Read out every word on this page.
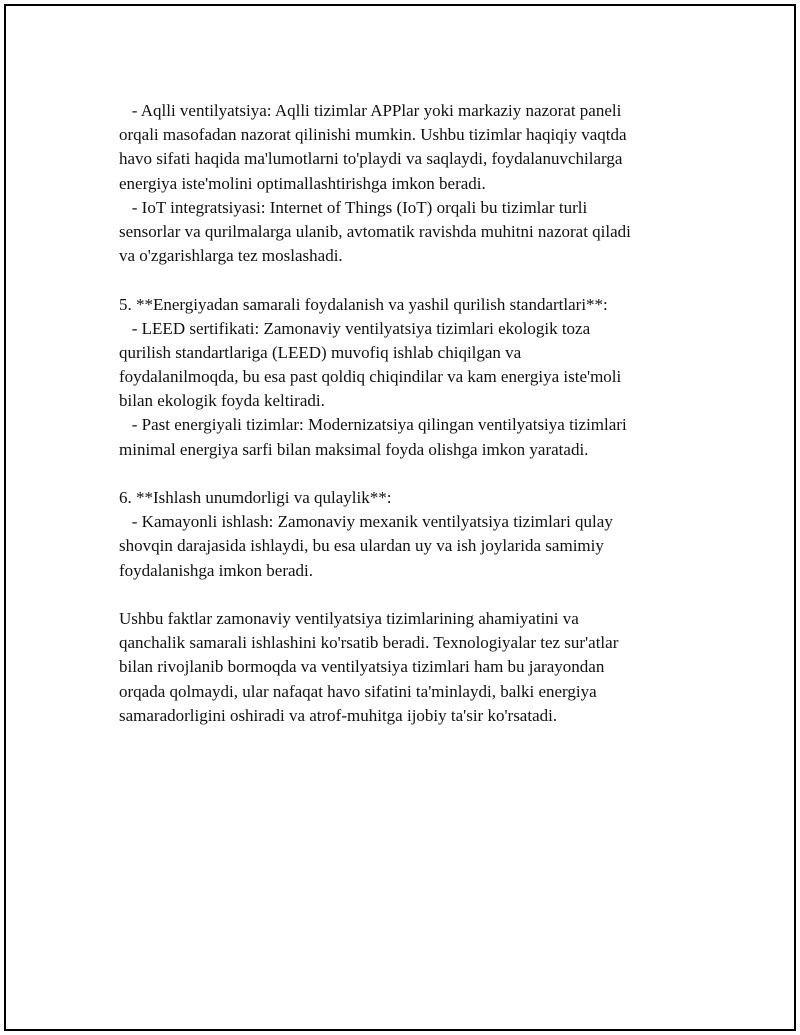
- Aqlli ventilyatsiya: Aqlli tizimlar APPlar yoki markaziy nazorat paneli
orqali masofadan nazorat qilinishi mumkin. Ushbu tizimlar haqiqiy vaqtda
havo sifati haqida ma'lumotlarni to'playdi va saqlaydi, foydalanuvchilarga
energiya iste'molini optimallashtirishga imkon beradi.
- IoT integratsiyasi: Internet of Things (IoT) orqali bu tizimlar turli
sensorlar va qurilmalarga ulanib, avtomatik ravishda muhitni nazorat qiladi
va o'zgarishlarga tez moslashadi.
5. **Energiyadan samarali foydalanish va yashil qurilish standartlari**:
- LEED sertifikati: Zamonaviy ventilyatsiya tizimlari ekologik toza
qurilish standartlariga (LEED) muvofiq ishlab chiqilgan va
foydalanilmoqda, bu esa past qoldiq chiqindilar va kam energiya iste'moli
bilan ekologik foyda keltiradi.
- Past energiyali tizimlar: Modernizatsiya qilingan ventilyatsiya tizimlari
minimal energiya sarfi bilan maksimal foyda olishga imkon yaratadi.
6. **Ishlash unumdorligi va qulaylik**:
- Kamayonli ishlash: Zamonaviy mexanik ventilyatsiya tizimlari qulay
shovqin darajasida ishlaydi, bu esa ulardan uy va ish joylarida samimiy
foydalanishga imkon beradi.
Ushbu faktlar zamonaviy ventilyatsiya tizimlarining ahamiyatini va
qanchalik samarali ishlashini ko'rsatib beradi. Texnologiyalar tez sur'atlar
bilan rivojlanib bormoqda va ventilyatsiya tizimlari ham bu jarayondan
orqada qolmaydi, ular nafaqat havo sifatini ta'minlaydi, balki energiya
samaradorligini oshiradi va atrof-muhitga ijobiy ta'sir ko'rsatadi.
